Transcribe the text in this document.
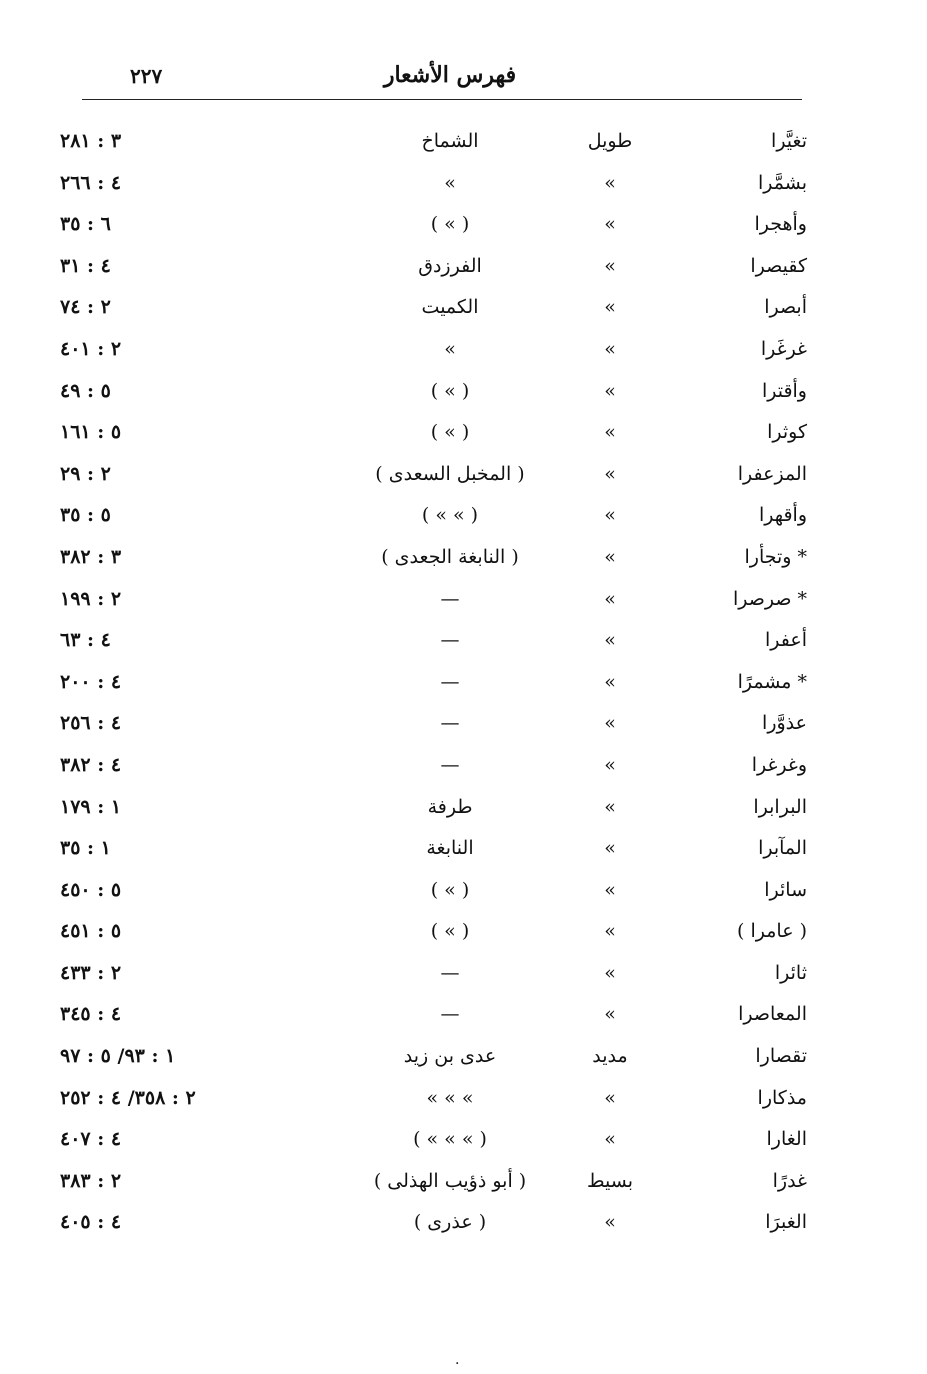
٢٢٧	فهرس الأشعار
تغيَّرا
طويل
الشماخ
٣ : ٢٨١
بشمَّرا
»
»
٤ : ٢٦٦
وأهجرا
»
( » )
٦ : ٣٥
كقيصرا
»
الفرزدق
٤ : ٣١
أبصرا
»
الكميت
٢ : ٧٤
غرغَرا
»
»
٢ : ٤٠١
وأقترا
»
( » )
٥ : ٤٩
كوثرا
»
( » )
٥ : ١٦١
المزعفرا
»
( المخبل السعدى )
٢ : ٢٩
وأقهرا
»
( » » )
٥ : ٣٥
* وتجأرا
»
( النابغة الجعدى )
٣ : ٣٨٢
* صرصرا
»
—
٢ : ١٩٩
أعفرا
»
—
٤ : ٦٣
* مشمرًا
»
—
٤ : ٢٠٠
عذوَّرا
»
—
٤ : ٢٥٦
وغرغرا
»
—
٤ : ٣٨٢
البرابرا
»
طرفة
١ : ١٧٩
المآبرا
»
النابغة
١ : ٣٥
سائرا
»
( » )
٥ : ٤٥٠
( عامرا )
»
( » )
٥ : ٤٥١
ثائرا
»
—
٢ : ٤٣٣
المعاصرا
»
—
٤ : ٣٤٥
تقصارا
مديد
عدى بن زيد
١ : ٩٣/ ٥ : ٩٧
مذكارا
»
» » »
٢ : ٣٥٨/ ٤ : ٢٥٢
الغارا
»
( » » » )
٤ : ٤٠٧
غدرًا
بسيط
( أبو ذؤيب الهذلى )
٢ : ٣٨٣
الغبرَا
»
( عذرى )
٤ : ٤٠٥
.
